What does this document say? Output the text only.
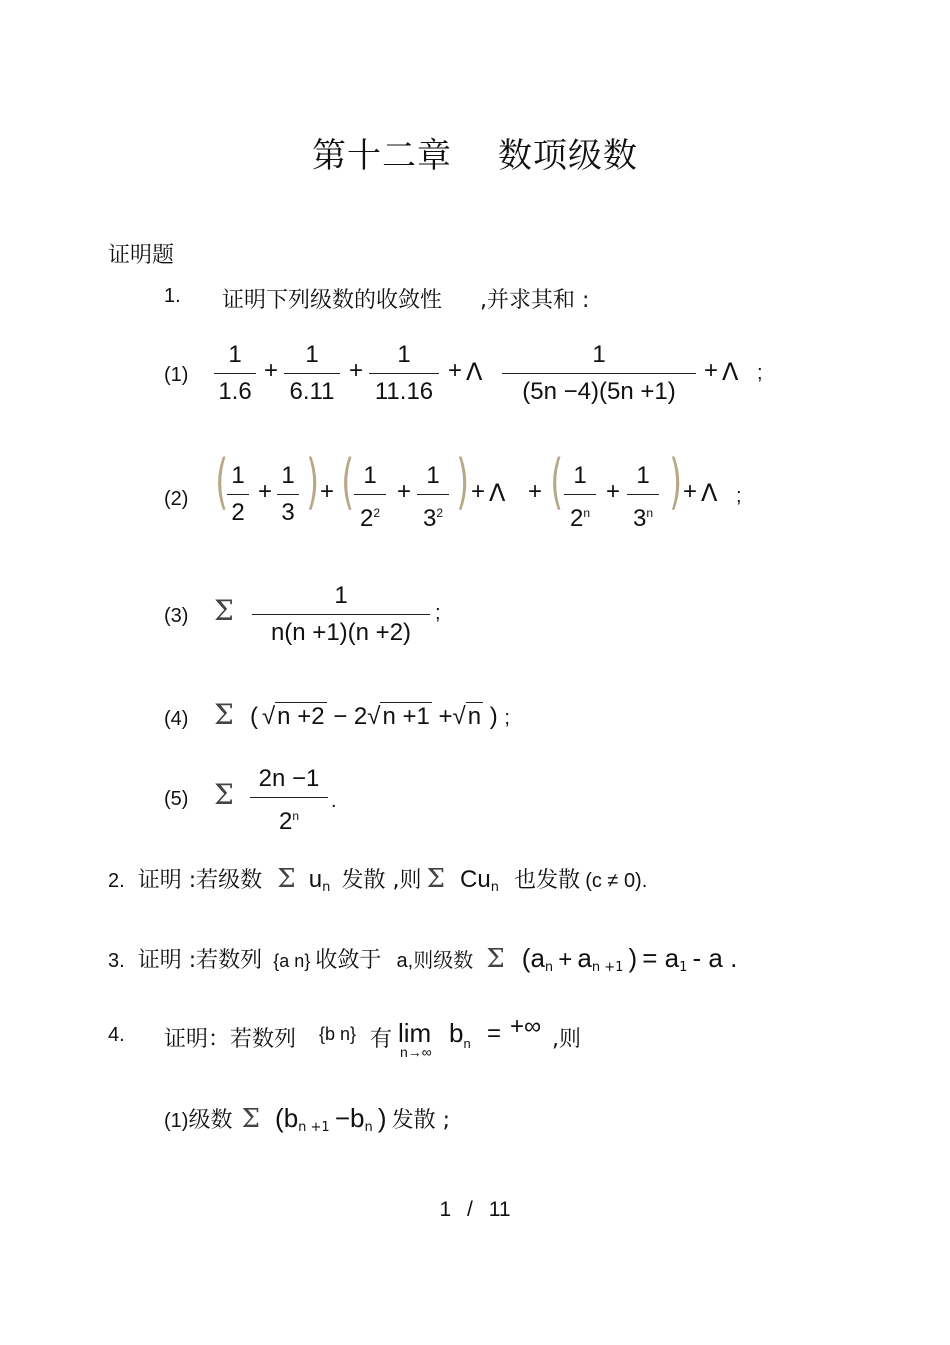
第十二章 数项级数
证明题
1. 证明下列级数的收敛性 ,并求其和 :
(1)
1
1.6
+
1
6.11
+
1
11.16
+ Λ
1
(5n −4)(5n +1)
+ Λ ;
(2) ( 1
2
+
1
3 ) + ( 1
$2^2$
+
1
$3^2$ ) + Λ + ( 1
$2^n$
+
1
3$^n$ ) + Λ ;
(3) Σ	1
n(n +1)(n +2)
;
(4) Σ ( √n +2 − 2√n +1 +√n ) ;
(5) Σ	2n −1
2$^n$
.
2. 证明 :若级数 Σ $u_n$ 发散 ,则 Σ $Cu_n$ 也发散 (c ≠ 0).
3. 证明 :若数列 {a n} 收敛于 a,则级数 Σ ($a_n + a_{n +1}$ ) = $a_1$ - a .
4. 证明：若数列 {b n} 有 lim
n→∞
$b_n$ = +∞ ,则
(1)级数 Σ ($b_{n +1} -b_n$ ) 发散 ;
1 / 11
